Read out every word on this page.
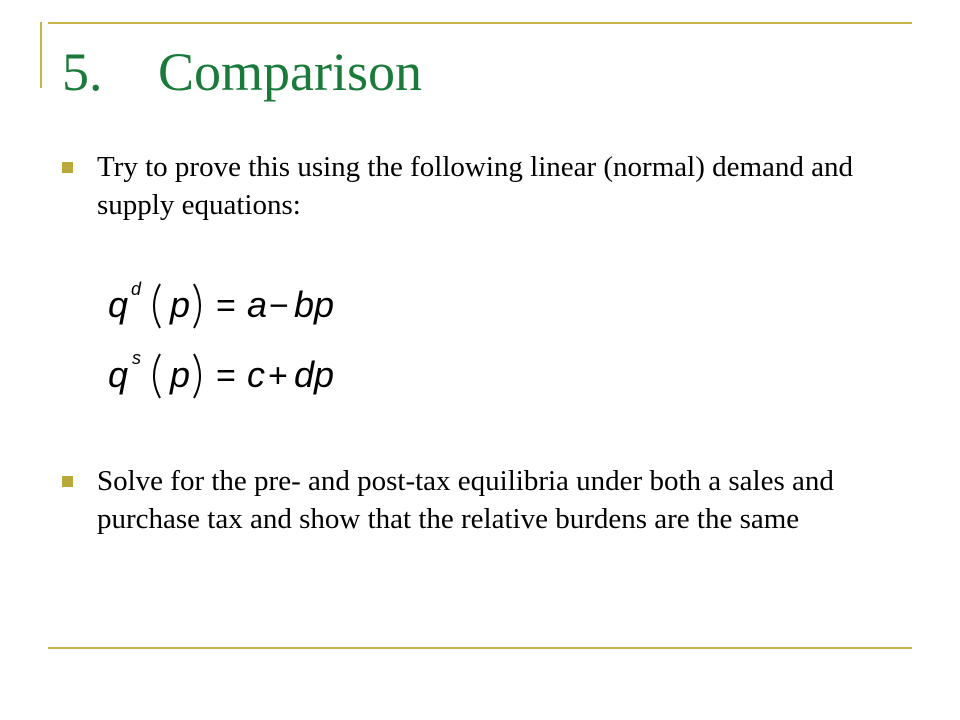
5.	Comparison
Try to prove this using the following linear (normal) demand and supply equations:
q d p = a − bp
q s p = c + dp
Solve for the pre- and post-tax equilibria under both a sales and purchase tax and show that the relative burdens are the same
